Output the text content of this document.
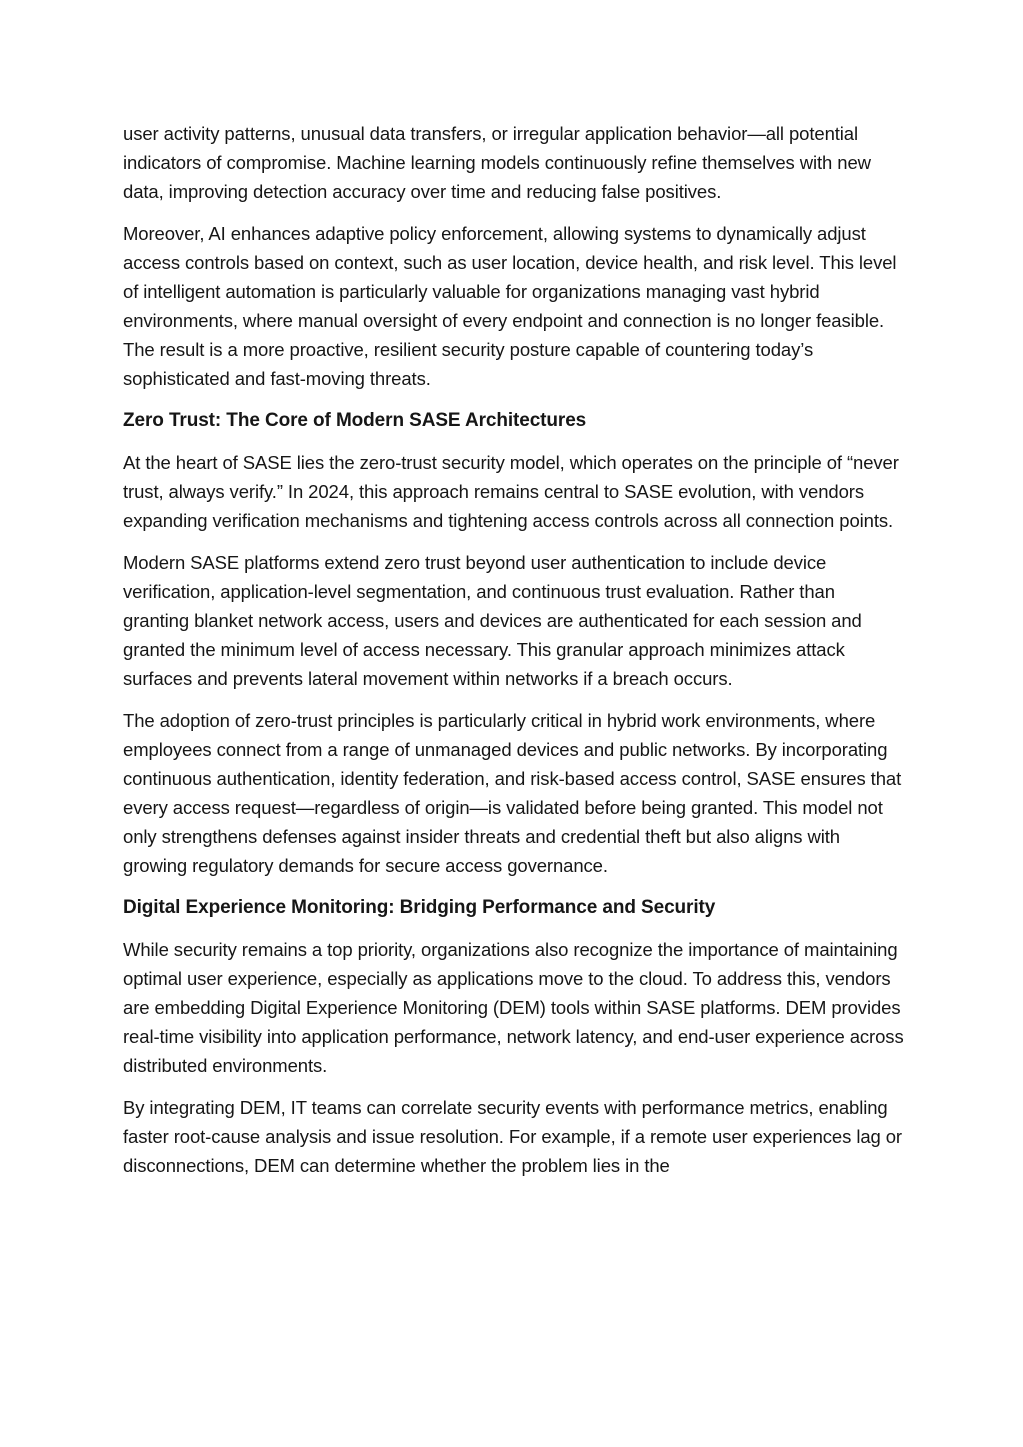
user activity patterns, unusual data transfers, or irregular application behavior—all potential indicators of compromise. Machine learning models continuously refine themselves with new data, improving detection accuracy over time and reducing false positives.

Moreover, AI enhances adaptive policy enforcement, allowing systems to dynamically adjust access controls based on context, such as user location, device health, and risk level. This level of intelligent automation is particularly valuable for organizations managing vast hybrid environments, where manual oversight of every endpoint and connection is no longer feasible. The result is a more proactive, resilient security posture capable of countering today’s sophisticated and fast-moving threats.

Zero Trust: The Core of Modern SASE Architectures

At the heart of SASE lies the zero-trust security model, which operates on the principle of “never trust, always verify.” In 2024, this approach remains central to SASE evolution, with vendors expanding verification mechanisms and tightening access controls across all connection points.

Modern SASE platforms extend zero trust beyond user authentication to include device verification, application-level segmentation, and continuous trust evaluation. Rather than granting blanket network access, users and devices are authenticated for each session and granted the minimum level of access necessary. This granular approach minimizes attack surfaces and prevents lateral movement within networks if a breach occurs.

The adoption of zero-trust principles is particularly critical in hybrid work environments, where employees connect from a range of unmanaged devices and public networks. By incorporating continuous authentication, identity federation, and risk-based access control, SASE ensures that every access request—regardless of origin—is validated before being granted. This model not only strengthens defenses against insider threats and credential theft but also aligns with growing regulatory demands for secure access governance.

Digital Experience Monitoring: Bridging Performance and Security

While security remains a top priority, organizations also recognize the importance of maintaining optimal user experience, especially as applications move to the cloud. To address this, vendors are embedding Digital Experience Monitoring (DEM) tools within SASE platforms. DEM provides real-time visibility into application performance, network latency, and end-user experience across distributed environments.

By integrating DEM, IT teams can correlate security events with performance metrics, enabling faster root-cause analysis and issue resolution. For example, if a remote user experiences lag or disconnections, DEM can determine whether the problem lies in the
